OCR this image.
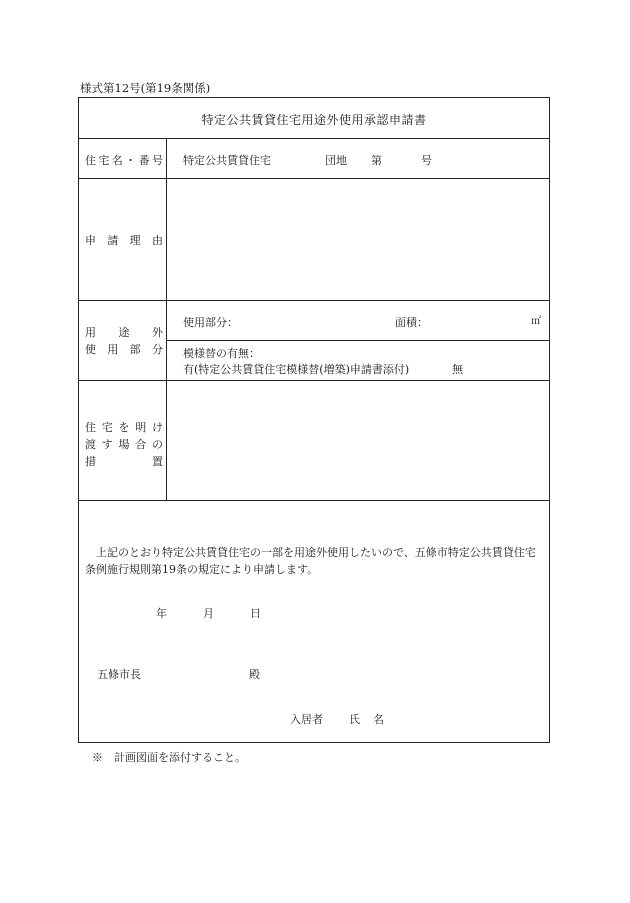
様式第12号(第19条関係)
特定公共賃貸住宅用途外使用承認申請書
住 宅 名 ・ 番 号 特定公共賃貸住宅	団地 第	号
申 請 理 由
用 途 外
使 用 部 分
使用部分：	面積：	㎡
模様替の有無：
有(特定公共賃貸住宅模様替(増築)申請書添付)	無
住 宅 を 明 け
渡 す 場 合 の
措	置
上記のとおり特定公共賃貸住宅の一部を用途外使用したいので、五條市特定公共賃貸住宅条例施行規則第19条の規定により申請します。
年	月	日
五條市長	殿
入居者 氏 名
※　計画図面を添付すること。
